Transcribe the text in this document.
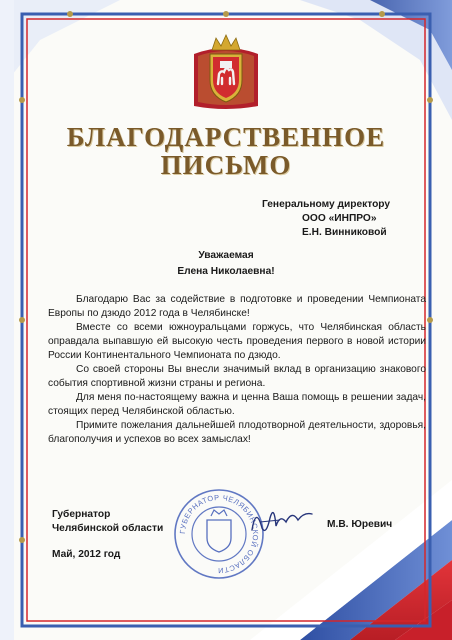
БЛАГОДАРСТВЕННОЕ
ПИСЬМО
Генеральному директору
ООО «ИНПРО»
Е.Н. Винниковой
Уважаемая
Елена Николаевна!

Благодарю Вас за содействие в подготовке и проведении Чемпионата Европы по дзюдо 2012 года в Челябинске!

Вместе со всеми южноуральцами горжусь, что Челябинская область оправдала выпавшую ей высокую честь проведения первого в новой истории России Континентального Чемпионата по дзюдо.

Со своей стороны Вы внесли значимый вклад в организацию знакового события спортивной жизни страны и региона.

Для меня по-настоящему важна и ценна Ваша помощь в решении задач, стоящих перед Челябинской областью.

Примите пожелания дальнейшей плодотворной деятельности, здоровья, благополучия и успехов во всех замыслах!

ГУБЕРНАТОР ЧЕЛЯБИНСКОЙ ОБЛАСТИ
Губернатор
Челябинской области	М.В. Юревич
Май, 2012 год
